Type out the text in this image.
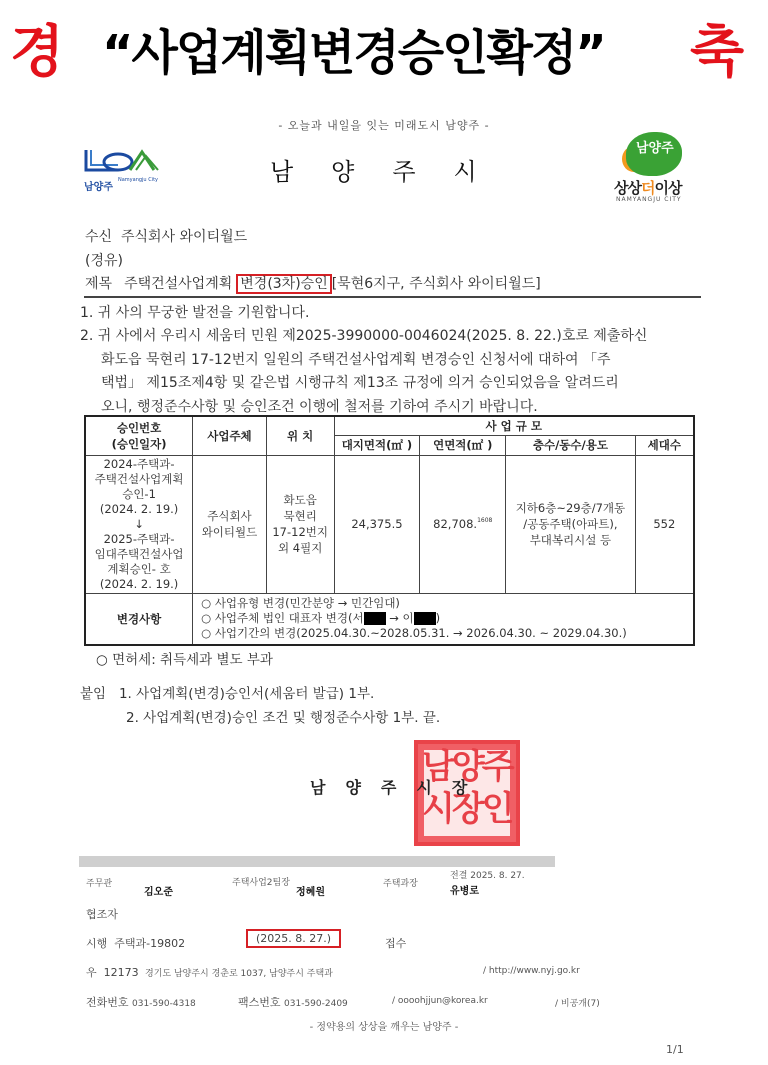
경 “사업계획변경승인확정” 축
- 오늘과 내일을 잇는 미래도시 남양주 -
남양주
Namyangju City	남양주시
남양주
상상더이상
NAMYANGJU CITY
수신 주식회사 와이티월드
(경유)
제목 주택건설사업계획 변경(3차)승인 [묵현6지구, 주식회사 와이티월드]
1. 귀 사의 무궁한 발전을 기원합니다.
2. 귀 사에서 우리시 세움터 민원 제2025-3990000-0046024(2025. 8. 22.)호로 제출하신
화도읍 묵현리 17-12번지 일원의 주택건설사업계획 변경승인 신청서에 대하여 「주
택법」 제15조제4항 및 같은법 시행규칙 제13조 규정에 의거 승인되었음을 알려드리
오니, 행정준수사항 및 승인조건 이행에 철저를 기하여 주시기 바랍니다.
승인번호
(승인일자)	사업주체	위 치	사 업 규 모			
			대지면적(㎡ )	연면적(㎡ )	층수/동수/용도	세대수
2024-주택과-
주택건설사업계획
승인-1
(2024. 2. 19.)
↓
2025-주택과-
임대주택건설사업
계획승인- 호
(2024. 2. 19.)	주식회사
와이티월드	화도읍
묵현리
17-12번지
외 4필지	24,375.5	82,708.$^{1608}$	지하6층~29층/7개동
/공동주택(아파트),
부대복리시설 등	552
변경사항	○ 사업유형 변경(민간분양 → 민간임대)
○ 사업주체 법인 대표자 변경(서 → 이 )
○ 사업기간의 변경(2025.04.30.~2028.05.31. → 2026.04.30. ~ 2029.04.30.)					
○ 면허세: 취득세과 별도 부과
붙임 1. 사업계획(변경)승인서(세움터 발급) 1부.
2. 사업계획(변경)승인 조건 및 행정준수사항 1부. 끝.
남양주
시장인
남양주시장
주무관
김오준
주택사업2팀장
정혜원
주택과장
전결 2025. 8. 27.
유병로
협조자
시행 주택과-19802	(2025. 8. 27.)	접수
우 12173 경기도 남양주시 경춘로 1037, 남양주시 주택과	/ http://www.nyj.go.kr
전화번호 031-590-4318	팩스번호 031-590-2409	/ oooohjjun@korea.kr	/ 비공개(7)
- 정약용의 상상을 깨우는 남양주 -
1/1
